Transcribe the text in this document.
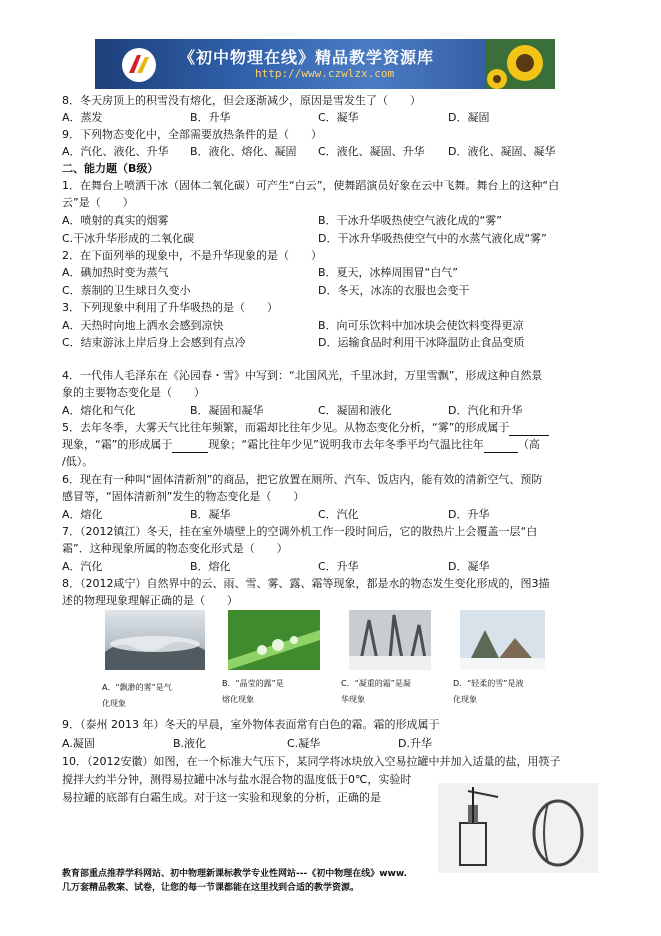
《初中物理在线》精品教学资源库
http://www.czwlzx.com
8．冬天房顶上的积雪没有熔化，但会逐渐减少，原因是雪发生了（　　）
A．蒸发	B．升华	C．凝华	D．凝固
9．下列物态变化中，全部需要放热条件的是（　　）
A．汽化、液化、升华 B．液化、熔化、凝固 C．液化、凝固、升华 D．液化、凝固、凝华
二、能力题（B级）
1．在舞台上喷洒干冰（固体二氧化碳）可产生“白云”，使舞蹈演员好象在云中飞舞。舞台上的这种“白
云”是（　　）
A．喷射的真实的烟雾	B．干冰升华吸热使空气液化成的“雾”
C.干冰升华形成的二氧化碳	D．干冰升华吸热使空气中的水蒸气液化成“雾”
2．在下面列举的现象中，不是升华现象的是（　　）
A．碘加热时变为蒸气	B．夏天，冰棒周围冒“白气”
C．萘制的卫生球日久变小	D．冬天，冰冻的衣服也会变干
3．下列现象中利用了升华吸热的是（　　）
A．天热时向地上洒水会感到凉快	B．向可乐饮料中加冰块会使饮料变得更凉
C．结束游泳上岸后身上会感到有点冷	D．运输食品时利用干冰降温防止食品变质
4．一代伟人毛泽东在《沁园春・雪》中写到：“北国风光，千里冰封，万里雪飘”，形成这种自然景
象的主要物态变化是（　　）
A．熔化和气化	B．凝固和凝华	C．凝固和液化	D．汽化和升华
5．去年冬季，大雾天气比往年频繁，而霜却比往年少见。从物态变化分析，“雾”的形成属于
现象，“霜”的形成属于	现象；“霜比往年少见”说明我市去年冬季平均气温比往年	（高
/低）。
6．现在有一种叫“固体清新剂”的商品，把它放置在厕所、汽车、饭店内，能有效的清新空气、预防
感冒等，“固体清新剂”发生的物态变化是（　　）
A．熔化	B．凝华	C．汽化	D．升华
7．（2012镇江）冬天，挂在室外墙壁上的空调外机工作一段时间后，它的散热片上会覆盖一层“白
霜”．这种现象所属的物态变化形式是（　　）
A．汽化	B．熔化	C．升华	D．凝华
8．（2012咸宁）自然界中的云、雨、雪、雾、露、霜等现象，都是水的物态发生变化形成的，图3描
述的物理现象理解正确的是（　　）
A．“飘渺的雾”是气
化现象
B．“晶莹的露”是
熔化现象
C．“凝重的霜”是凝
华现象
D．“轻柔的雪”是液
化现象
9．（泰州 2013 年）冬天的早晨，室外物体表面常有白色的霜。霜的形成属于
A.凝固	B.液化	C.凝华	D.升华
10．（2012安徽）如图，在一个标准大气压下，某同学将冰块放入空易拉罐中并加入适量的盐，用筷子
搅拌大约半分钟，测得易拉罐中冰与盐水混合物的温度低于0℃，实验时
易拉罐的底部有白霜生成。对于这一实验和现象的分析，正确的是
教育部重点推荐学科网站、初中物理新课标教学专业性网站---《初中物理在线》www.
几万套精品教案、试卷，让您的每一节课都能在这里找到合适的教学资源。
